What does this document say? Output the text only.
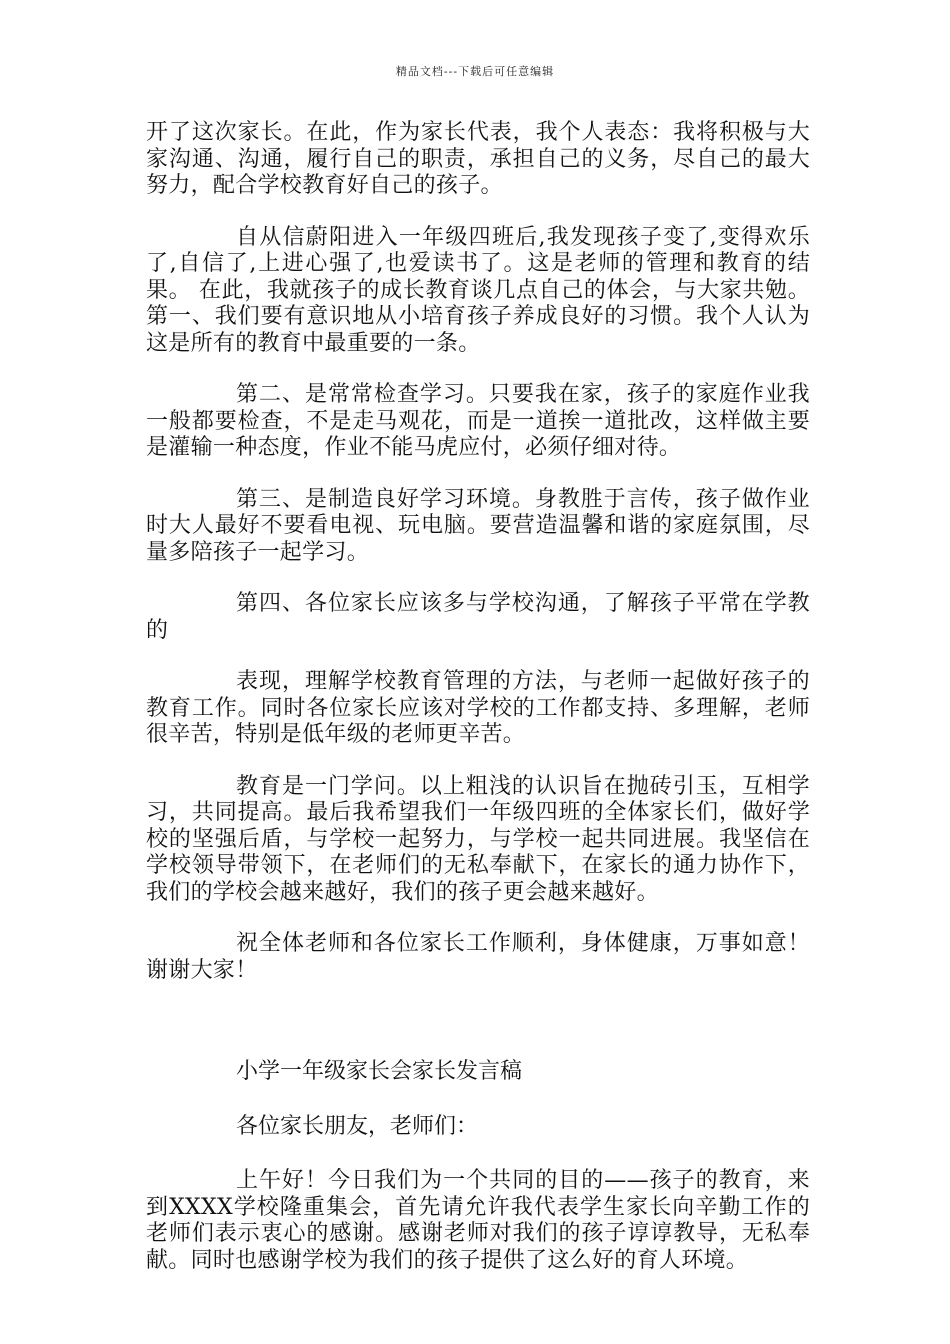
精品文档---下载后可任意编辑

开了这次家长。在此，作为家长代表，我个人表态：我将积极与大家沟通、沟通，履行自己的职责，承担自己的义务，尽自己的最大努力，配合学校教育好自己的孩子。

自从信蔚阳进入一年级四班后,我发现孩子变了,变得欢乐了,自信了,上进心强了,也爱读书了。这是老师的管理和教育的结果。 在此，我就孩子的成长教育谈几点自己的体会，与大家共勉。 第一、我们要有意识地从小培育孩子养成良好的习惯。我个人认为这是所有的教育中最重要的一条。

第二、是常常检查学习。只要我在家，孩子的家庭作业我一般都要检查，不是走马观花，而是一道挨一道批改，这样做主要是灌输一种态度，作业不能马虎应付，必须仔细对待。

第三、是制造良好学习环境。身教胜于言传，孩子做作业时大人最好不要看电视、玩电脑。要营造温馨和谐的家庭氛围，尽量多陪孩子一起学习。

第四、各位家长应该多与学校沟通，了解孩子平常在学教的

表现，理解学校教育管理的方法，与老师一起做好孩子的教育工作。同时各位家长应该对学校的工作都支持、多理解，老师很辛苦，特别是低年级的老师更辛苦。

教育是一门学问。以上粗浅的认识旨在抛砖引玉，互相学习，共同提高。最后我希望我们一年级四班的全体家长们，做好学校的坚强后盾，与学校一起努力，与学校一起共同进展。我坚信在学校领导带领下，在老师们的无私奉献下，在家长的通力协作下，我们的学校会越来越好，我们的孩子更会越来越好。

祝全体老师和各位家长工作顺利，身体健康，万事如意！谢谢大家！

小学一年级家长会家长发言稿

各位家长朋友，老师们：

上午好！今日我们为一个共同的目的——孩子的教育，来到XXXX学校隆重集会，首先请允许我代表学生家长向辛勤工作的老师们表示衷心的感谢。感谢老师对我们的孩子谆谆教导，无私奉献。同时也感谢学校为我们的孩子提供了这么好的育人环境。
